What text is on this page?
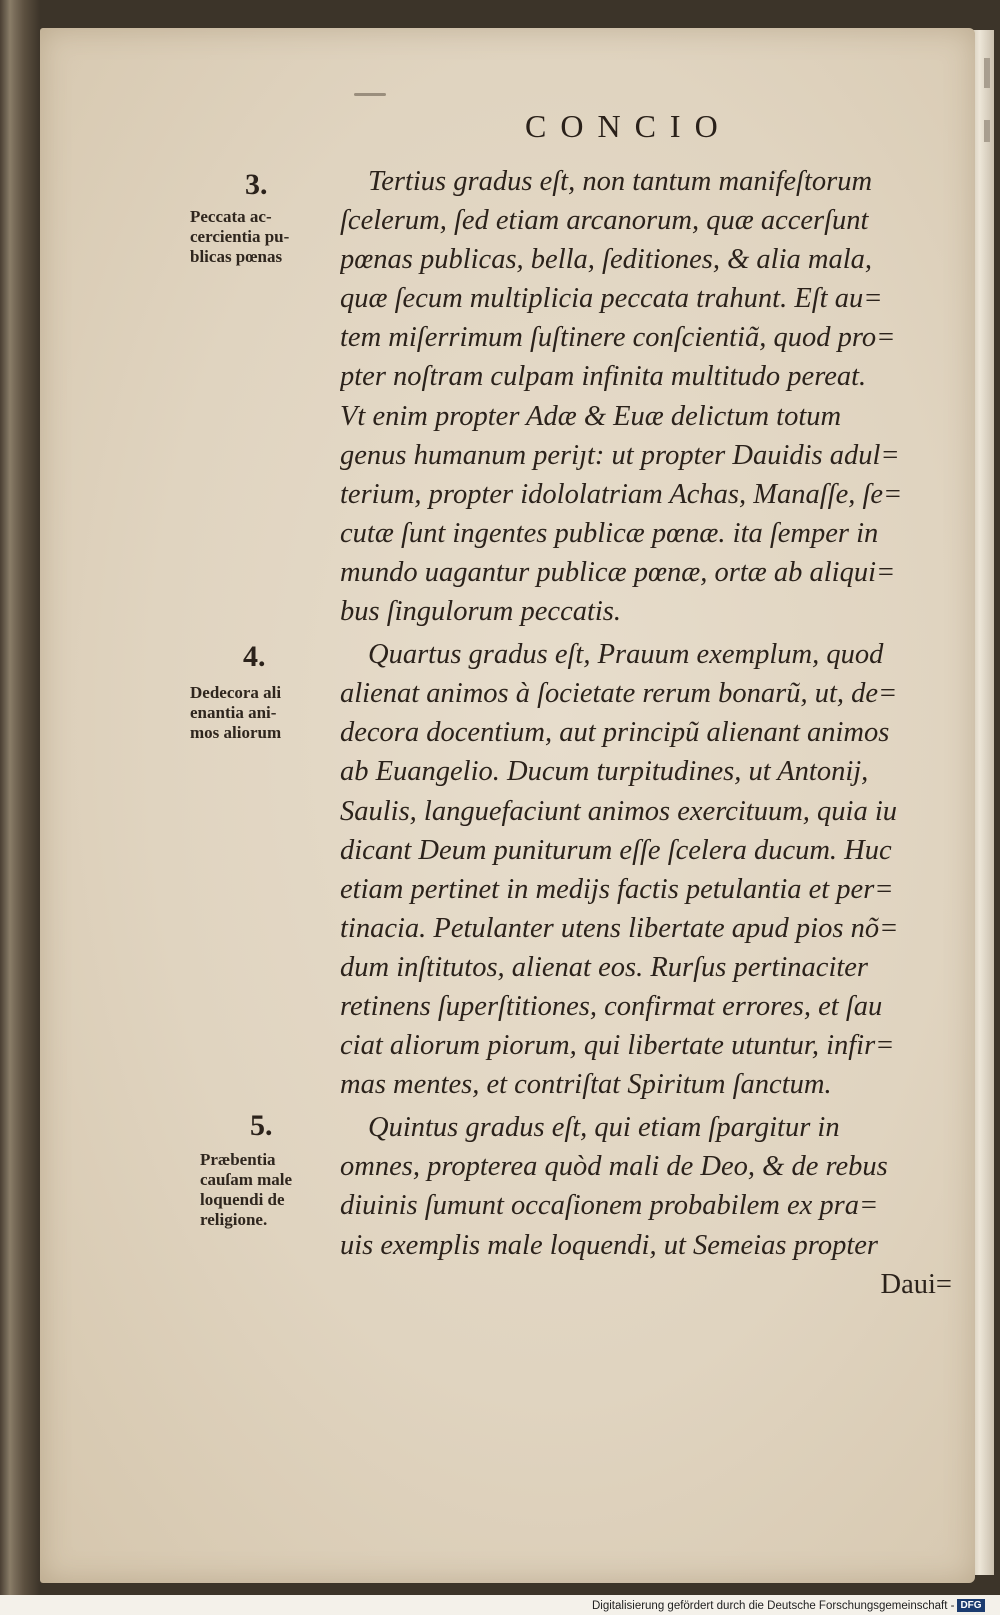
CONCIO
3.
4.
5.
Peccata ac-
cercientia pu-
blicas pœnas
Dedecora ali
enantia ani-
mos aliorum
Præbentia
cauſam male
loquendi de
religione.
Tertius gradus eſt, non tantum manifeſtorum
ſcelerum, ſed etiam arcanorum, quæ accerſunt
pœnas publicas, bella, ſeditiones, & alia mala,
quæ ſecum multiplicia peccata trahunt. Eſt au=
tem miſerrimum ſuſtinere conſcientiã, quod pro=
pter noſtram culpam infinita multitudo pereat.
Vt enim propter Adæ & Euæ delictum totum
genus humanum periȷt: ut propter Dauidis adul=
terium, propter idololatriam Achas, Manaſſe, ſe=
cutæ ſunt ingentes publicæ pœnæ. ita ſemper in
mundo uagantur publicæ pœnæ, ortæ ab aliqui=
bus ſingulorum peccatis.
Quartus gradus eſt, Prauum exemplum, quod
alienat animos à ſocietate rerum bonarũ, ut, de=
decora docentium, aut principũ alienant animos
ab Euangelio. Ducum turpitudines, ut Antonij,
Saulis, languefaciunt animos exercituum, quia iu
dicant Deum puniturum eſſe ſcelera ducum. Huc
etiam pertinet in medijs factis petulantia et per=
tinacia. Petulanter utens libertate apud pios nõ=
dum inſtitutos, alienat eos. Rurſus pertinaciter
retinens ſuperſtitiones, confirmat errores, et ſau
ciat aliorum piorum, qui libertate utuntur, infir=
mas mentes, et contriſtat Spiritum ſanctum.
Quintus gradus eſt, qui etiam ſpargitur in
omnes, propterea quòd mali de Deo, & de rebus
diuinis ſumunt occaſionem probabilem ex pra=
uis exemplis male loquendi, ut Semeias propter
Daui=
Digitalisierung gefördert durch die Deutsche Forschungsgemeinschaft - DFG
